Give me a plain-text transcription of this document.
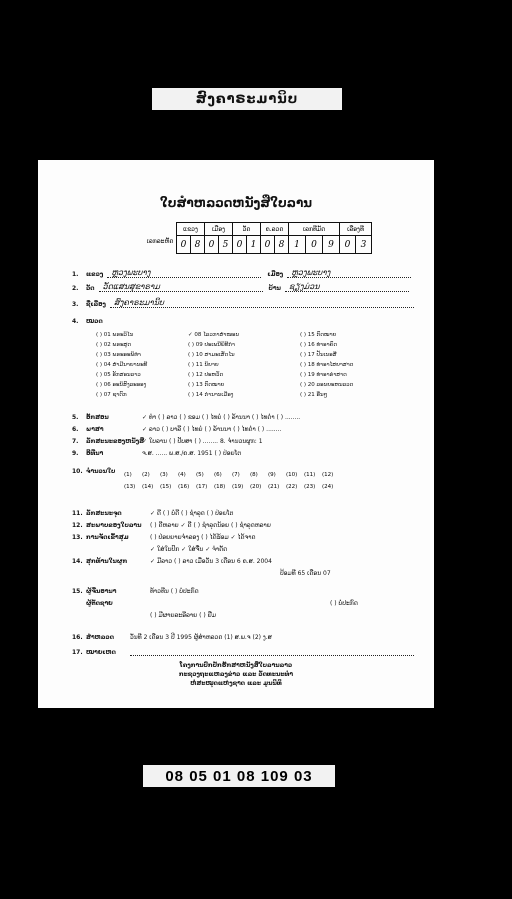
ສົງຄາຣະມານິບ
ໃບສຳຫລວດຫນັງສືໃບລານ
ເລກລະຫັດ
ແຂວງ		ເມືອງ		ວັດ		ຄ.ລວດ		ເລກທີມັດ			ເລືອງທີ	
0	8	0	5	0	1	0	8	1	0	9	0	3
1.	ແຂວງ	ຫຼວງພະບາງ	ເມືອງ	ຫຼວງພະບາງ
2.	ວັດ	ວັດແສນສຸຂາຣາມ	ບ້ານ	ຊຽງມ່ວນ
3.	ຊື່ເລື່ອງ	ສົງຄາຣະມານິບ
4.	ໝວດ
( ) 01 ພຣະວິໄນ
( ) 02 ພຣະສູດ
( ) 03 ພຣະອະພິທຳ
( ) 04 ສຳມີນາຍານະທີ
( ) 05 ອັກສອນລາວ
( ) 06 ອະນິສົງລະອອງ
( ) 07 ຊາດົກ
✓ 08 ໄລວກາສຳໝອນ
( ) 09 ປະເພນີພິທີກຳ
( ) 10 ສາມະເສັດໄນ
( ) 11 ນິຍາຍ
( ) 12 ປະຫວັດ
( ) 13 ກົດໝາຍ
( ) 14 ກຳນານເມືອງ
( ) 15 ກົດໝາຍ
( ) 16 ທຳອາຄົດ
( ) 17 ປັນເນອສື
( ) 18 ທຳອາໄສຍາສາດ
( ) 19 ທຳອາຣຳສາດ
( ) 20 ລອນຍະຫນລວດ
( ) 21 ອື່ນໆ
5.	ອັກສອນ	✓ ທຳ ( ) ລາວ ( ) ຂອມ ( ) ໄທຍໍ ( ) ລ້ານນາ ( ) ໄທດຳ ( ) ........
6.	ພາສາ	✓ ລາວ ( ) ບາລີ ( ) ໄທຍໍ ( ) ລ້ານນາ ( ) ໄທດຳ ( ) ........
7.	ລັກສະນະຂອງຫນັງສື
✓ ໃບລານ ( ) ປັບສາ ( ) ........ 8. ຈຳນວນຜູກ: 1
9.	ອີທີ່ນາ	ຈ.ສ. ...... ພ.ສ./ຄ.ສ. 1951 ( ) ປ່ອຍໂຕ
10. ຈຳນວນໃບ (1)	(2)	(3)	(4)	(5)	(6)	(7)	(8)	(9)	(10)	(11)	(12)
(13)	(14)	(15)	(16)	(17)	(18)	(19)	(20)	(21)	(22)	(23)	(24)
11. ລັກສະນະຈຸດ	✓ ດີ ( ) ບໍ່ດີ ( ) ຊຳລຸດ ( ) ປ່ອຍໂຕ
12. ສະພາບຂອງໃບລານ	( ) ດີຫລາຍ ✓ ດີ ( ) ຊຳລຸດນ້ອຍ ( ) ຊຳລຸດຫລາຍ
13. ການຈັດເຂົ້າສຸມ	( ) ປ່ອຍຍາຍຈຳລອງ ( ) ໄດ້ຮ້ອມ ✓ ໄດ້ຈາດ
✓ ໃສ່ໃບປົກ ✓ ໃສ່ຈື່ນ ✓ ຈຳດັດ
14. ສຸກທ້ານໃນຜູກ	✓ ມີລາວ ( ) ລາວ ເມື່ອວັນ 3 ເດືອນ 6 ຄ.ສ. 2004
ປ້ອມທີ 65 ເດືອນ 07
15. ຜູ້ຈື່ນອານາ	ທ້າວທີນ ( ) ບໍ່ປະກົດ
ຜູ້ຕັດຊາຍ	( ) ບໍ່ປະກົດ
( ) ມີຜາຍລະອີລາຍ ( ) ຢືມ
16. ສຳຫລວດ	ວັນທີ 2 ເດືອນ 3 ປີ 1995 ຜູ້ສຳຫລວດ (1) ສ.ພ.ຈ (2) ງ.ສ
17. ໝາຍເຫດ
ໂຄງການປົກປັກຮັກສາຫນັງສືໃບລານລາວ
ກະຊວງຖະແຫລງຂ່າວ ແລະ ວັດທະນະທຳ
ຫໍສະໝຸດແຫ່ງຊາດ ແລະ ມູນນິທິ
08 05 01 08 109 03
